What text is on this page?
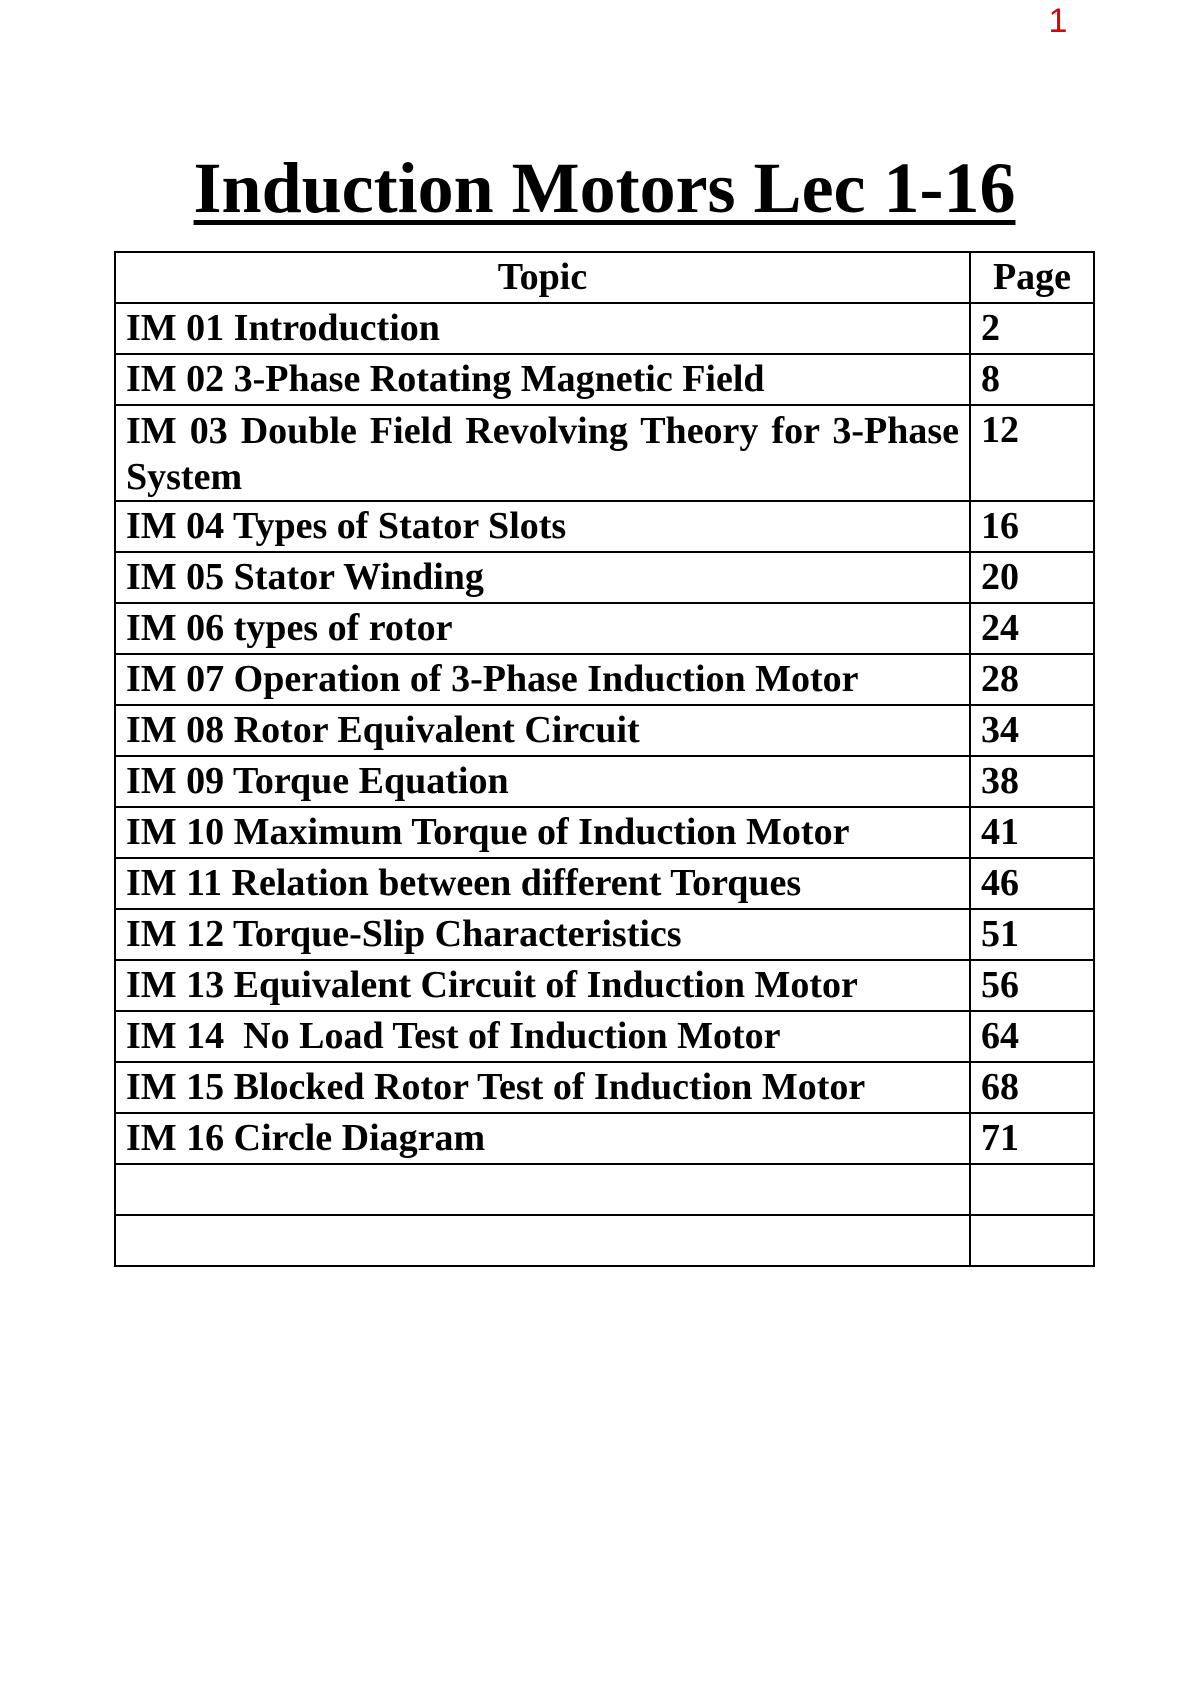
1
Induction Motors Lec 1-16
Topic	Page
IM 01 Introduction	2
IM 02 3-Phase Rotating Magnetic Field	8
IM 03 Double Field Revolving Theory for 3-Phase System	12
IM 04 Types of Stator Slots	16
IM 05 Stator Winding	20
IM 06 types of rotor	24
IM 07 Operation of 3-Phase Induction Motor	28
IM 08 Rotor Equivalent Circuit	34
IM 09 Torque Equation	38
IM 10 Maximum Torque of Induction Motor	41
IM 11 Relation between different Torques	46
IM 12 Torque-Slip Characteristics	51
IM 13 Equivalent Circuit of Induction Motor	56
IM 14  No Load Test of Induction Motor	64
IM 15 Blocked Rotor Test of Induction Motor	68
IM 16 Circle Diagram	71
